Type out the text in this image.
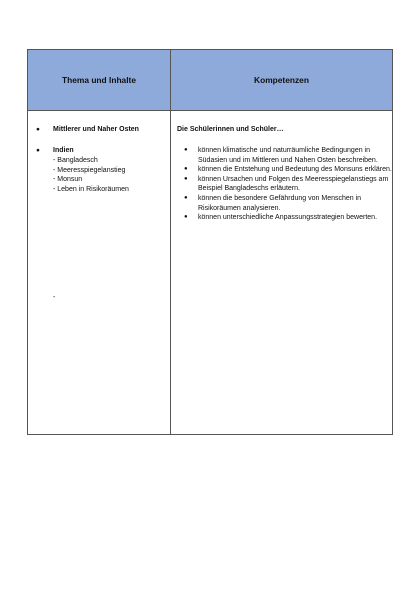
Thema und Inhalte	Kompetenzen
● Mittlerer und Naher Osten
● Indien
- Bangladesch
- Meeresspiegelanstieg
- Monsun
- Leben in Risikoräumen
-
Die Schülerinnen und Schüler…
● können klimatische und naturräumliche Bedingungen in Südasien und im Mittleren und Nahen Osten beschreiben.
● können die Entstehung und Bedeutung des Monsuns erklären.
● können Ursachen und Folgen des Meeresspiegelanstiegs am Beispiel Bangladeschs erläutern.
● können die besondere Gefährdung von Menschen in Risikoräumen analysieren.
● können unterschiedliche Anpassungsstrategien bewerten.
